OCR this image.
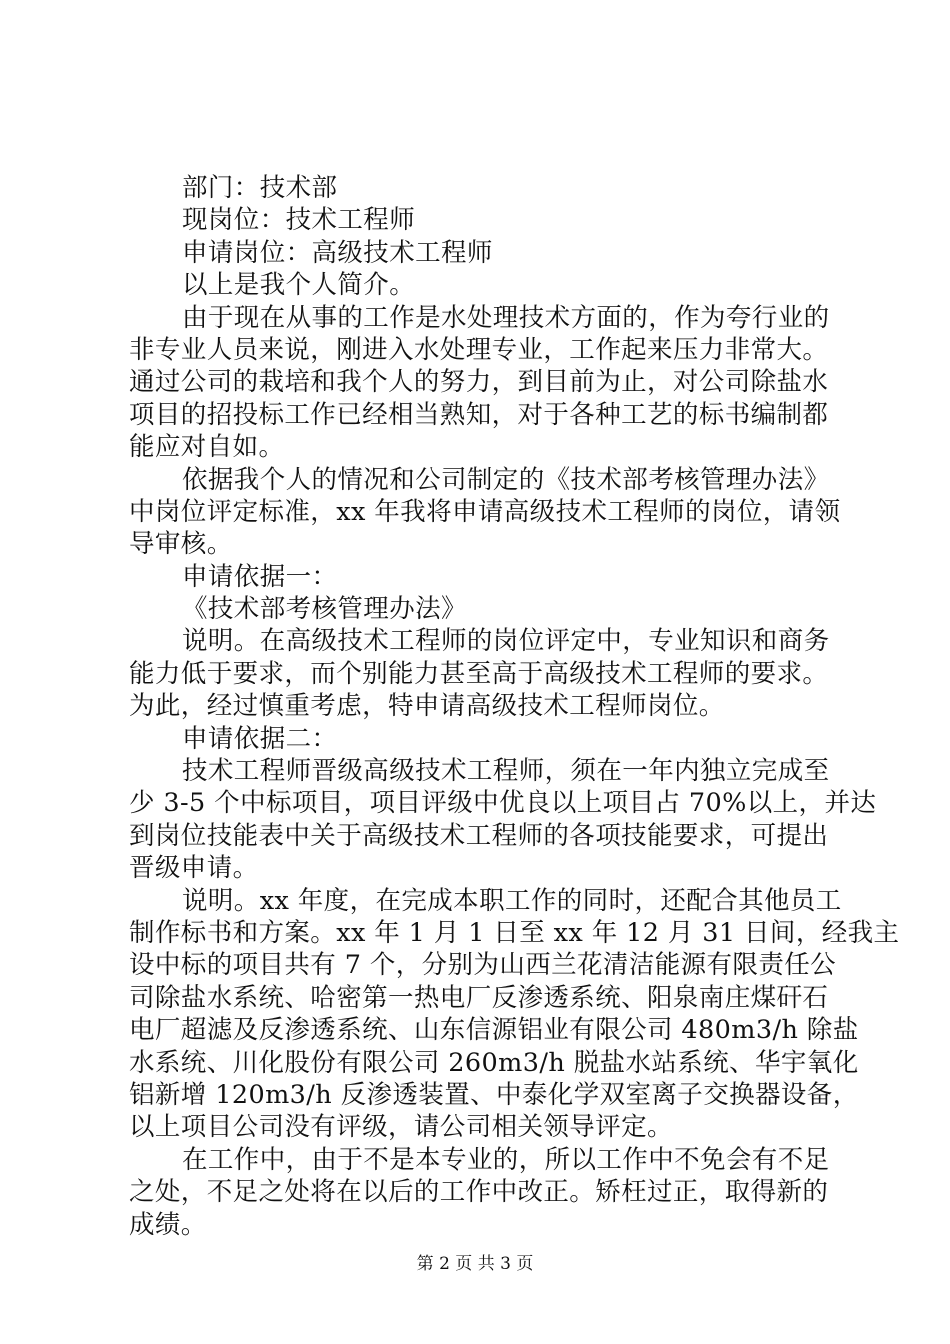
部门：技术部
现岗位：技术工程师
申请岗位：高级技术工程师
以上是我个人简介。
由于现在从事的工作是水处理技术方面的，作为夸行业的
非专业人员来说，刚进入水处理专业，工作起来压力非常大。
通过公司的栽培和我个人的努力，到目前为止，对公司除盐水
项目的招投标工作已经相当熟知，对于各种工艺的标书编制都
能应对自如。
依据我个人的情况和公司制定的《技术部考核管理办法》
中岗位评定标准，xx 年我将申请高级技术工程师的岗位，请领
导审核。
申请依据一：
《技术部考核管理办法》
说明。在高级技术工程师的岗位评定中，专业知识和商务
能力低于要求，而个别能力甚至高于高级技术工程师的要求。
为此，经过慎重考虑，特申请高级技术工程师岗位。
申请依据二：
技术工程师晋级高级技术工程师，须在一年内独立完成至
少 3-5 个中标项目，项目评级中优良以上项目占 70%以上，并达
到岗位技能表中关于高级技术工程师的各项技能要求，可提出
晋级申请。
说明。xx 年度，在完成本职工作的同时，还配合其他员工
制作标书和方案。xx 年 1 月 1 日至 xx 年 12 月 31 日间，经我主
设中标的项目共有 7 个，分别为山西兰花清洁能源有限责任公
司除盐水系统、哈密第一热电厂反渗透系统、阳泉南庄煤矸石
电厂超滤及反渗透系统、山东信源铝业有限公司 480m3/h 除盐
水系统、川化股份有限公司 260m3/h 脱盐水站系统、华宇氧化
铝新增 120m3/h 反渗透装置、中泰化学双室离子交换器设备，
以上项目公司没有评级，请公司相关领导评定。
在工作中，由于不是本专业的，所以工作中不免会有不足
之处，不足之处将在以后的工作中改正。矫枉过正，取得新的
成绩。
第 2 页 共 3 页
